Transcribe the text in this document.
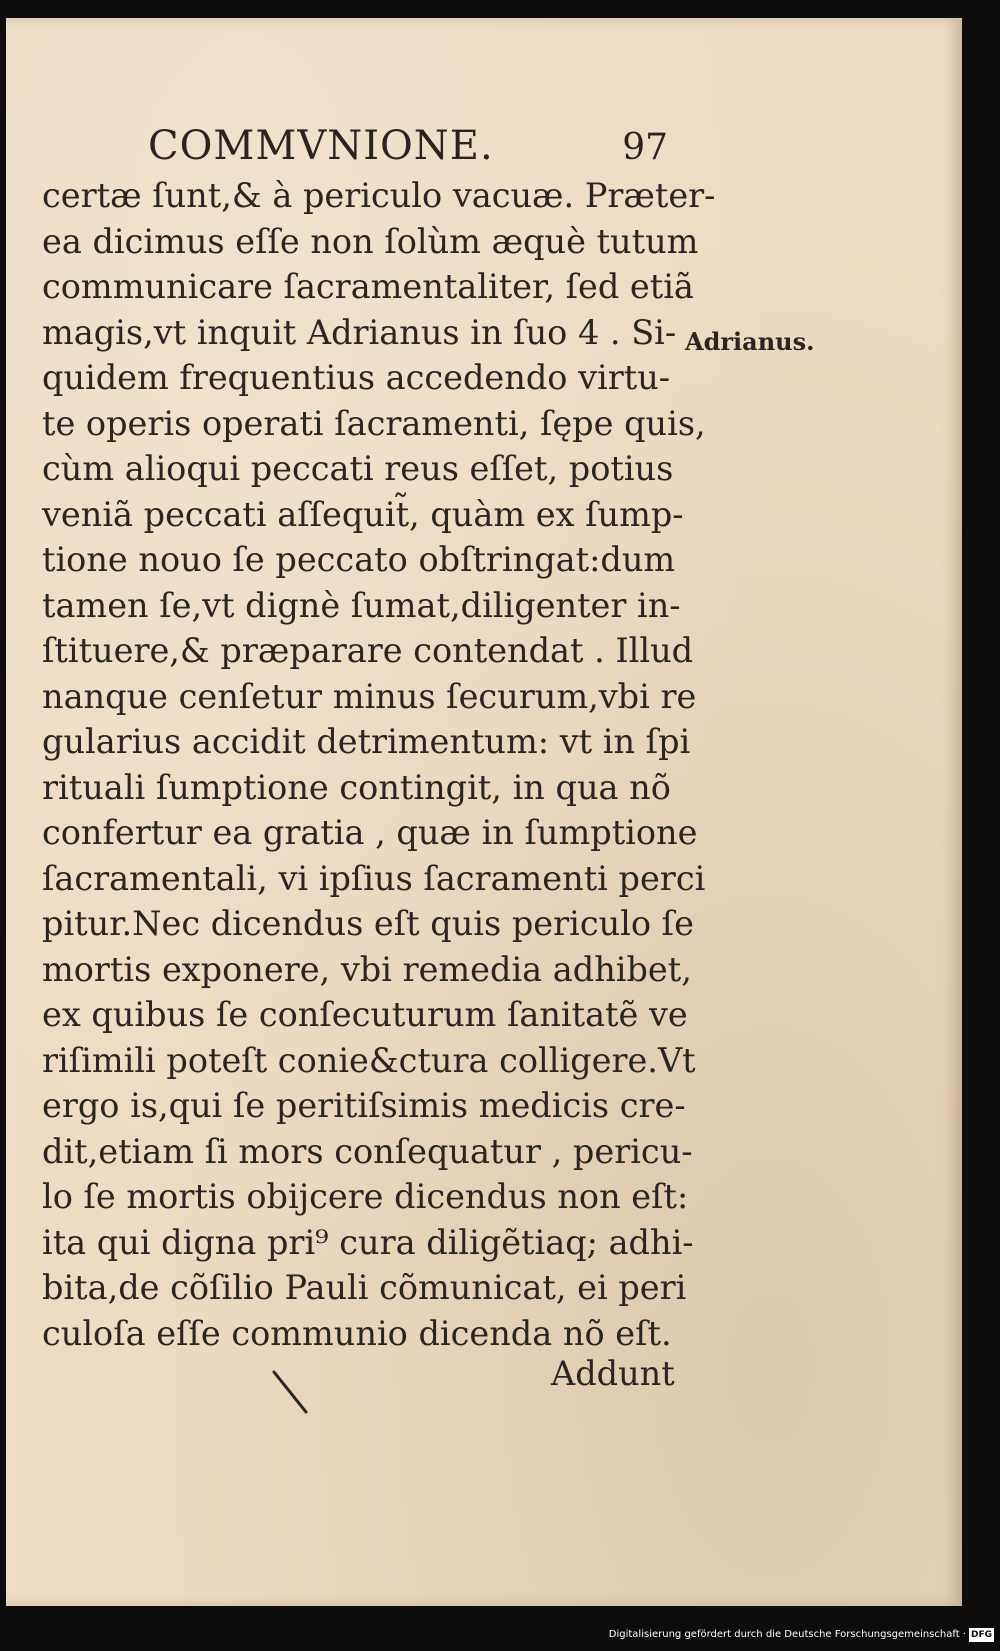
COMMVNIONE.	97
certæ ſunt,& à periculo vacuæ. Præter-
ea dicimus eſſe non ſolùm æquè tutum
communicare ſacramentaliter, ſed etiã
magis,vt inquit Adrianus in ſuo 4 . Si-
quidem frequentius accedendo virtu-
te operis operati ſacramenti, ſępe quis,
cùm alioqui peccati reus eſſet, potius
veniã peccati aſſequit̃, quàm ex ſump-
tione nouo ſe peccato obſtringat:dum
tamen ſe,vt dignè ſumat,diligenter in-
ſtituere,& præparare contendat . Illud
nanque cenſetur minus ſecurum,vbi re
gularius accidit detrimentum: vt in ſpi
rituali ſumptione contingit, in qua nõ
confertur ea gratia , quæ in ſumptione
ſacramentali, vi ipſius ſacramenti perci
pitur.Nec dicendus eſt quis periculo ſe
mortis exponere, vbi remedia adhibet,
ex quibus ſe conſecuturum ſanitatẽ ve
riſimili poteſt conie&ctura colligere.Vt
ergo is,qui ſe peritiſsimis medicis cre-
dit,etiam ſi mors conſequatur , pericu-
lo ſe mortis obijcere dicendus non eſt:
ita qui digna pri⁹ cura diligẽtiaq; adhi-
bita,de cõſilio Pauli cõmunicat, ei peri
culoſa eſſe communio dicenda nõ eſt.
Addunt
Adrianus.
Digitalisierung gefördert durch die Deutsche Forschungsgemeinschaft · DFG
